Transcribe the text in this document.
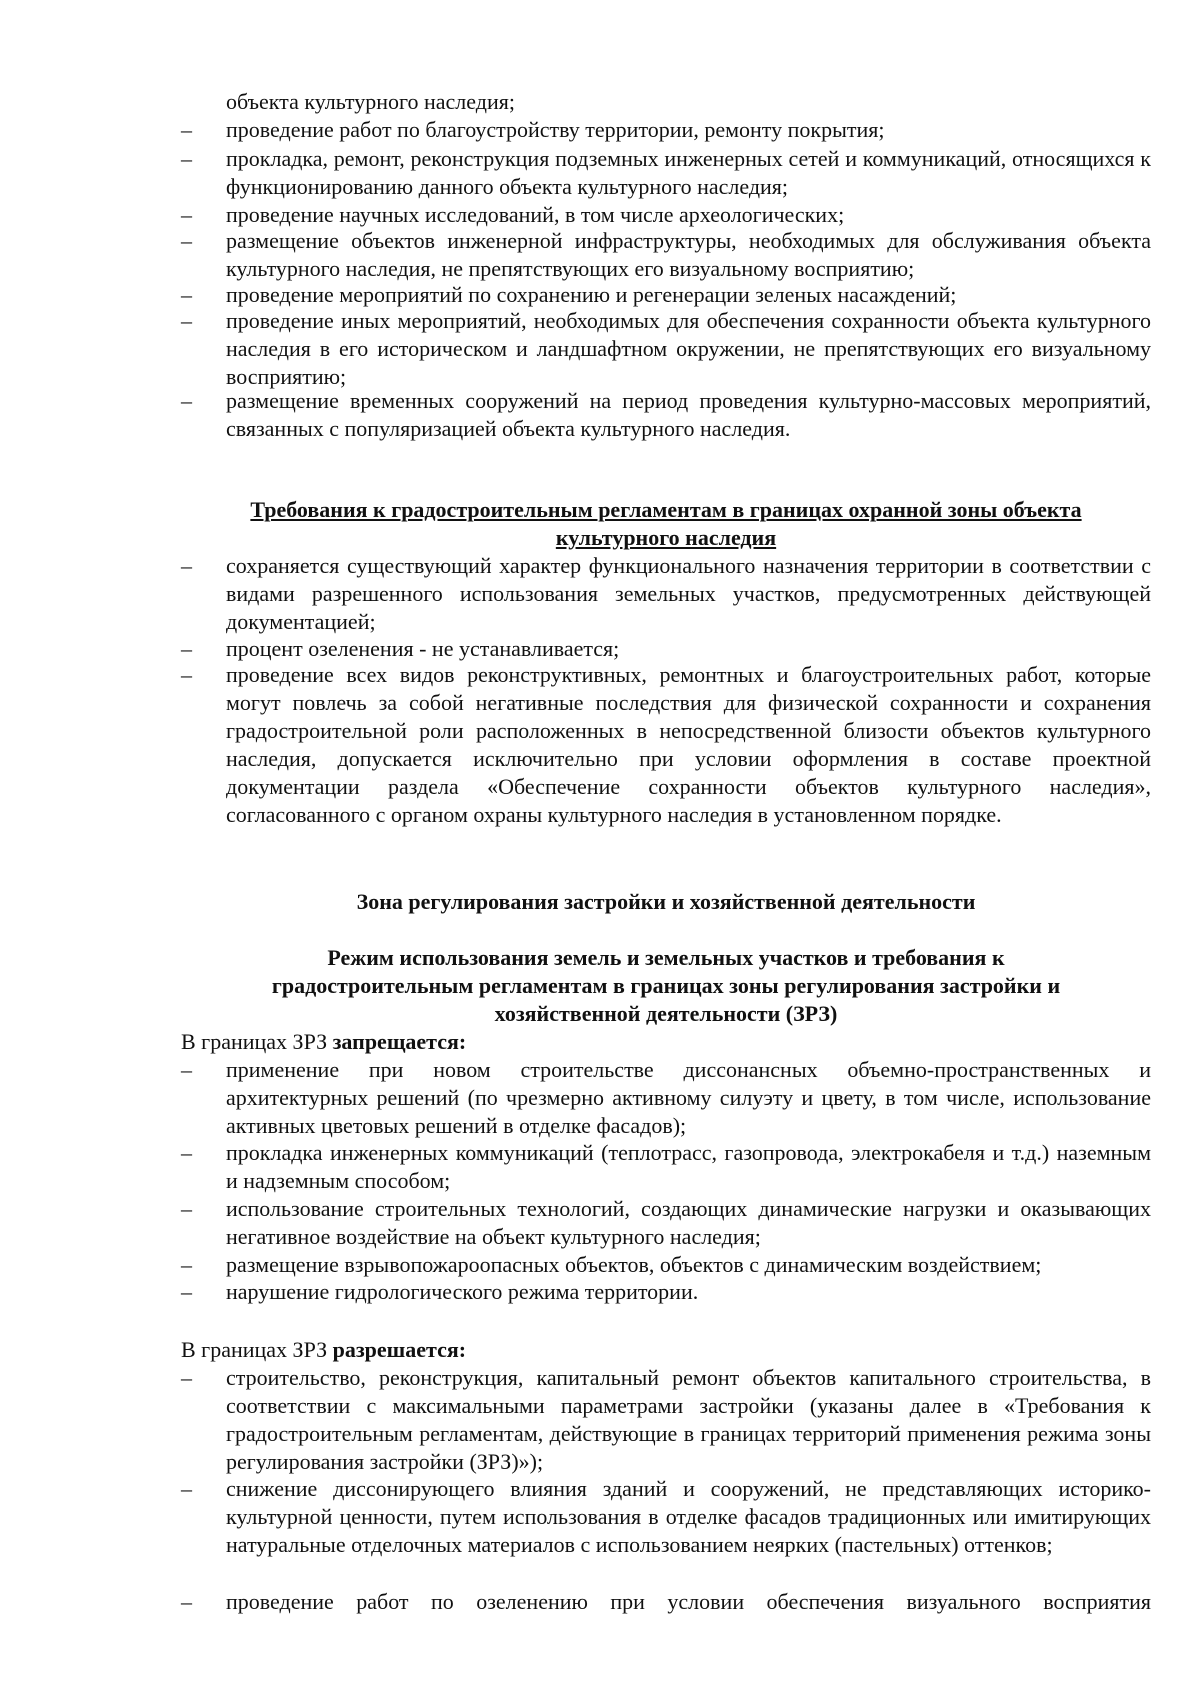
объекта культурного наследия;

– проведение работ по благоустройству территории, ремонту покрытия;

– прокладка, ремонт, реконструкция подземных инженерных сетей и коммуникаций, относящихся к функционированию данного объекта культурного наследия;

– проведение научных исследований, в том числе археологических;

– размещение объектов инженерной инфраструктуры, необходимых для обслуживания объекта культурного наследия, не препятствующих его визуальному восприятию;

– проведение мероприятий по сохранению и регенерации зеленых насаждений;

– проведение иных мероприятий, необходимых для обеспечения сохранности объекта культурного наследия в его историческом и ландшафтном окружении, не препятствующих его визуальному восприятию;

– размещение временных сооружений на период проведения культурно-массовых мероприятий, связанных с популяризацией объекта культурного наследия.

Требования к градостроительным регламентам в границах охранной зоны объекта культурного наследия

– сохраняется существующий характер функционального назначения территории в соответствии с видами разрешенного использования земельных участков, предусмотренных действующей документацией;

– процент озеленения - не устанавливается;

– проведение всех видов реконструктивных, ремонтных и благоустроительных работ, которые могут повлечь за собой негативные последствия для физической сохранности и сохранения градостроительной роли расположенных в непосредственной близости объектов культурного наследия, допускается исключительно при условии оформления в составе проектной документации раздела «Обеспечение сохранности объектов культурного наследия», согласованного с органом охраны культурного наследия в установленном порядке.

Зона регулирования застройки и хозяйственной деятельности

Режим использования земель и земельных участков и требования к градостроительным регламентам в границах зоны регулирования застройки и хозяйственной деятельности (ЗРЗ)

В границах ЗРЗ запрещается:

– применение при новом строительстве диссонансных объемно-пространственных и архитектурных решений (по чрезмерно активному силуэту и цвету, в том числе, использование активных цветовых решений в отделке фасадов);

– прокладка инженерных коммуникаций (теплотрасс, газопровода, электрокабеля и т.д.) наземным и надземным способом;

– использование строительных технологий, создающих динамические нагрузки и оказывающих негативное воздействие на объект культурного наследия;

– размещение взрывопожароопасных объектов, объектов с динамическим воздействием;

– нарушение гидрологического режима территории.

В границах ЗРЗ разрешается:

– строительство, реконструкция, капитальный ремонт объектов капитального строительства, в соответствии с максимальными параметрами застройки (указаны далее в «Требования к градостроительным регламентам, действующие в границах территорий применения режима зоны регулирования застройки (ЗРЗ)»);

– снижение диссонирующего влияния зданий и сооружений, не представляющих историко-культурной ценности, путем использования в отделке фасадов традиционных или имитирующих натуральные отделочных материалов с использованием неярких (пастельных) оттенков;

– проведение работ по озеленению при условии обеспечения визуального восприятия
